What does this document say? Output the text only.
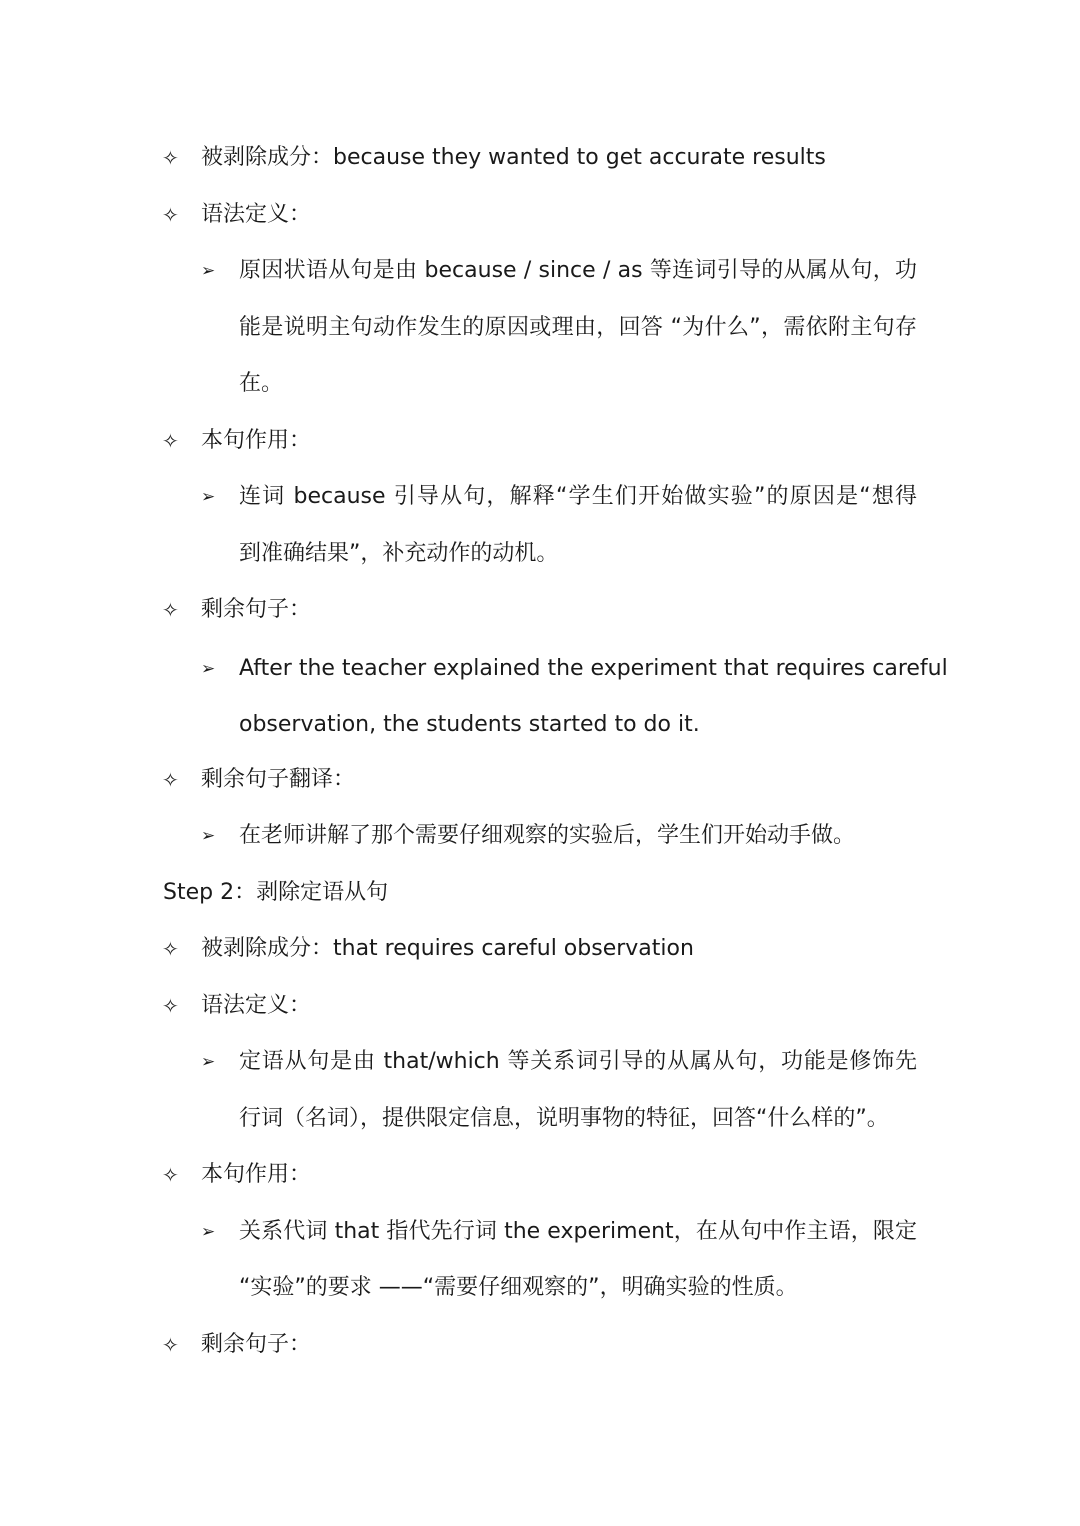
✧ 被剥除成分：because they wanted to get accurate results
✧ 语法定义：
➢ 原因状语从句是由 because / since / as 等连词引导的从属从句，功
能是说明主句动作发生的原因或理由，回答 “为什么”，需依附主句存
在。
✧ 本句作用：
➢ 连词 because 引导从句，解释“学生们开始做实验”的原因是“想得
到准确结果”，补充动作的动机。
✧ 剩余句子：
➢ After the teacher explained the experiment that requires careful
observation, the students started to do it.
✧ 剩余句子翻译：
➢ 在老师讲解了那个需要仔细观察的实验后，学生们开始动手做。
Step 2：剥除定语从句
✧ 被剥除成分：that requires careful observation
✧ 语法定义：
➢ 定语从句是由 that/which 等关系词引导的从属从句，功能是修饰先
行词（名词），提供限定信息，说明事物的特征，回答“什么样的”。
✧ 本句作用：
➢ 关系代词 that 指代先行词 the experiment，在从句中作主语，限定
“实验”的要求 ——“需要仔细观察的”，明确实验的性质。
✧ 剩余句子：
